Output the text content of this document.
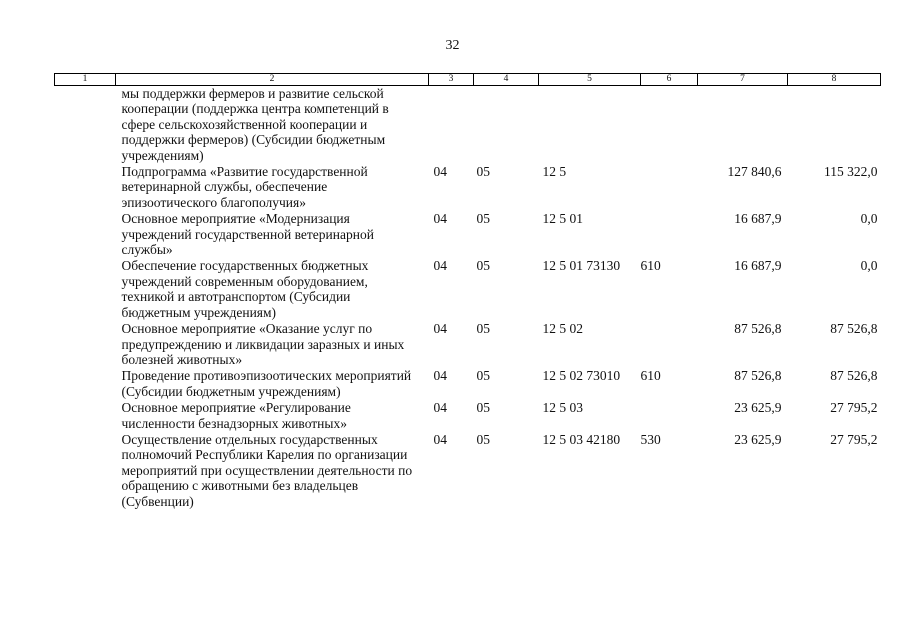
32
1	2	3	4	5	6	7	8
	мы поддержки фермеров и развитие сельской кооперации (поддержка центра компетенций в сфере сельскохозяйственной кооперации и поддержки фермеров) (Субсидии бюджетным учреждениям)						
	Подпрограмма «Развитие государственной ветеринарной службы, обеспечение эпизоотического благополучия»	04	05	12 5		127 840,6	115 322,0
	Основное мероприятие «Модернизация учреждений государственной ветеринарной службы»	04	05	12 5 01		16 687,9	0,0
	Обеспечение государственных бюджетных учреждений современным оборудованием, техникой и автотранспортом (Субсидии бюджетным учреждениям)	04	05	12 5 01 73130	610	16 687,9	0,0
	Основное мероприятие «Оказание услуг по предупреждению и ликвидации заразных и иных болезней животных»	04	05	12 5 02		87 526,8	87 526,8
	Проведение противоэпизоотических мероприятий (Субсидии бюджетным учреждениям)	04	05	12 5 02 73010	610	87 526,8	87 526,8
	Основное мероприятие «Регулирование численности безнадзорных животных»	04	05	12 5 03		23 625,9	27 795,2
	Осуществление отдельных государственных полномочий Республики Карелия по организации мероприятий при осуществлении деятельности по обращению с животными без владельцев (Субвенции)	04	05	12 5 03 42180	530	23 625,9	27 795,2
